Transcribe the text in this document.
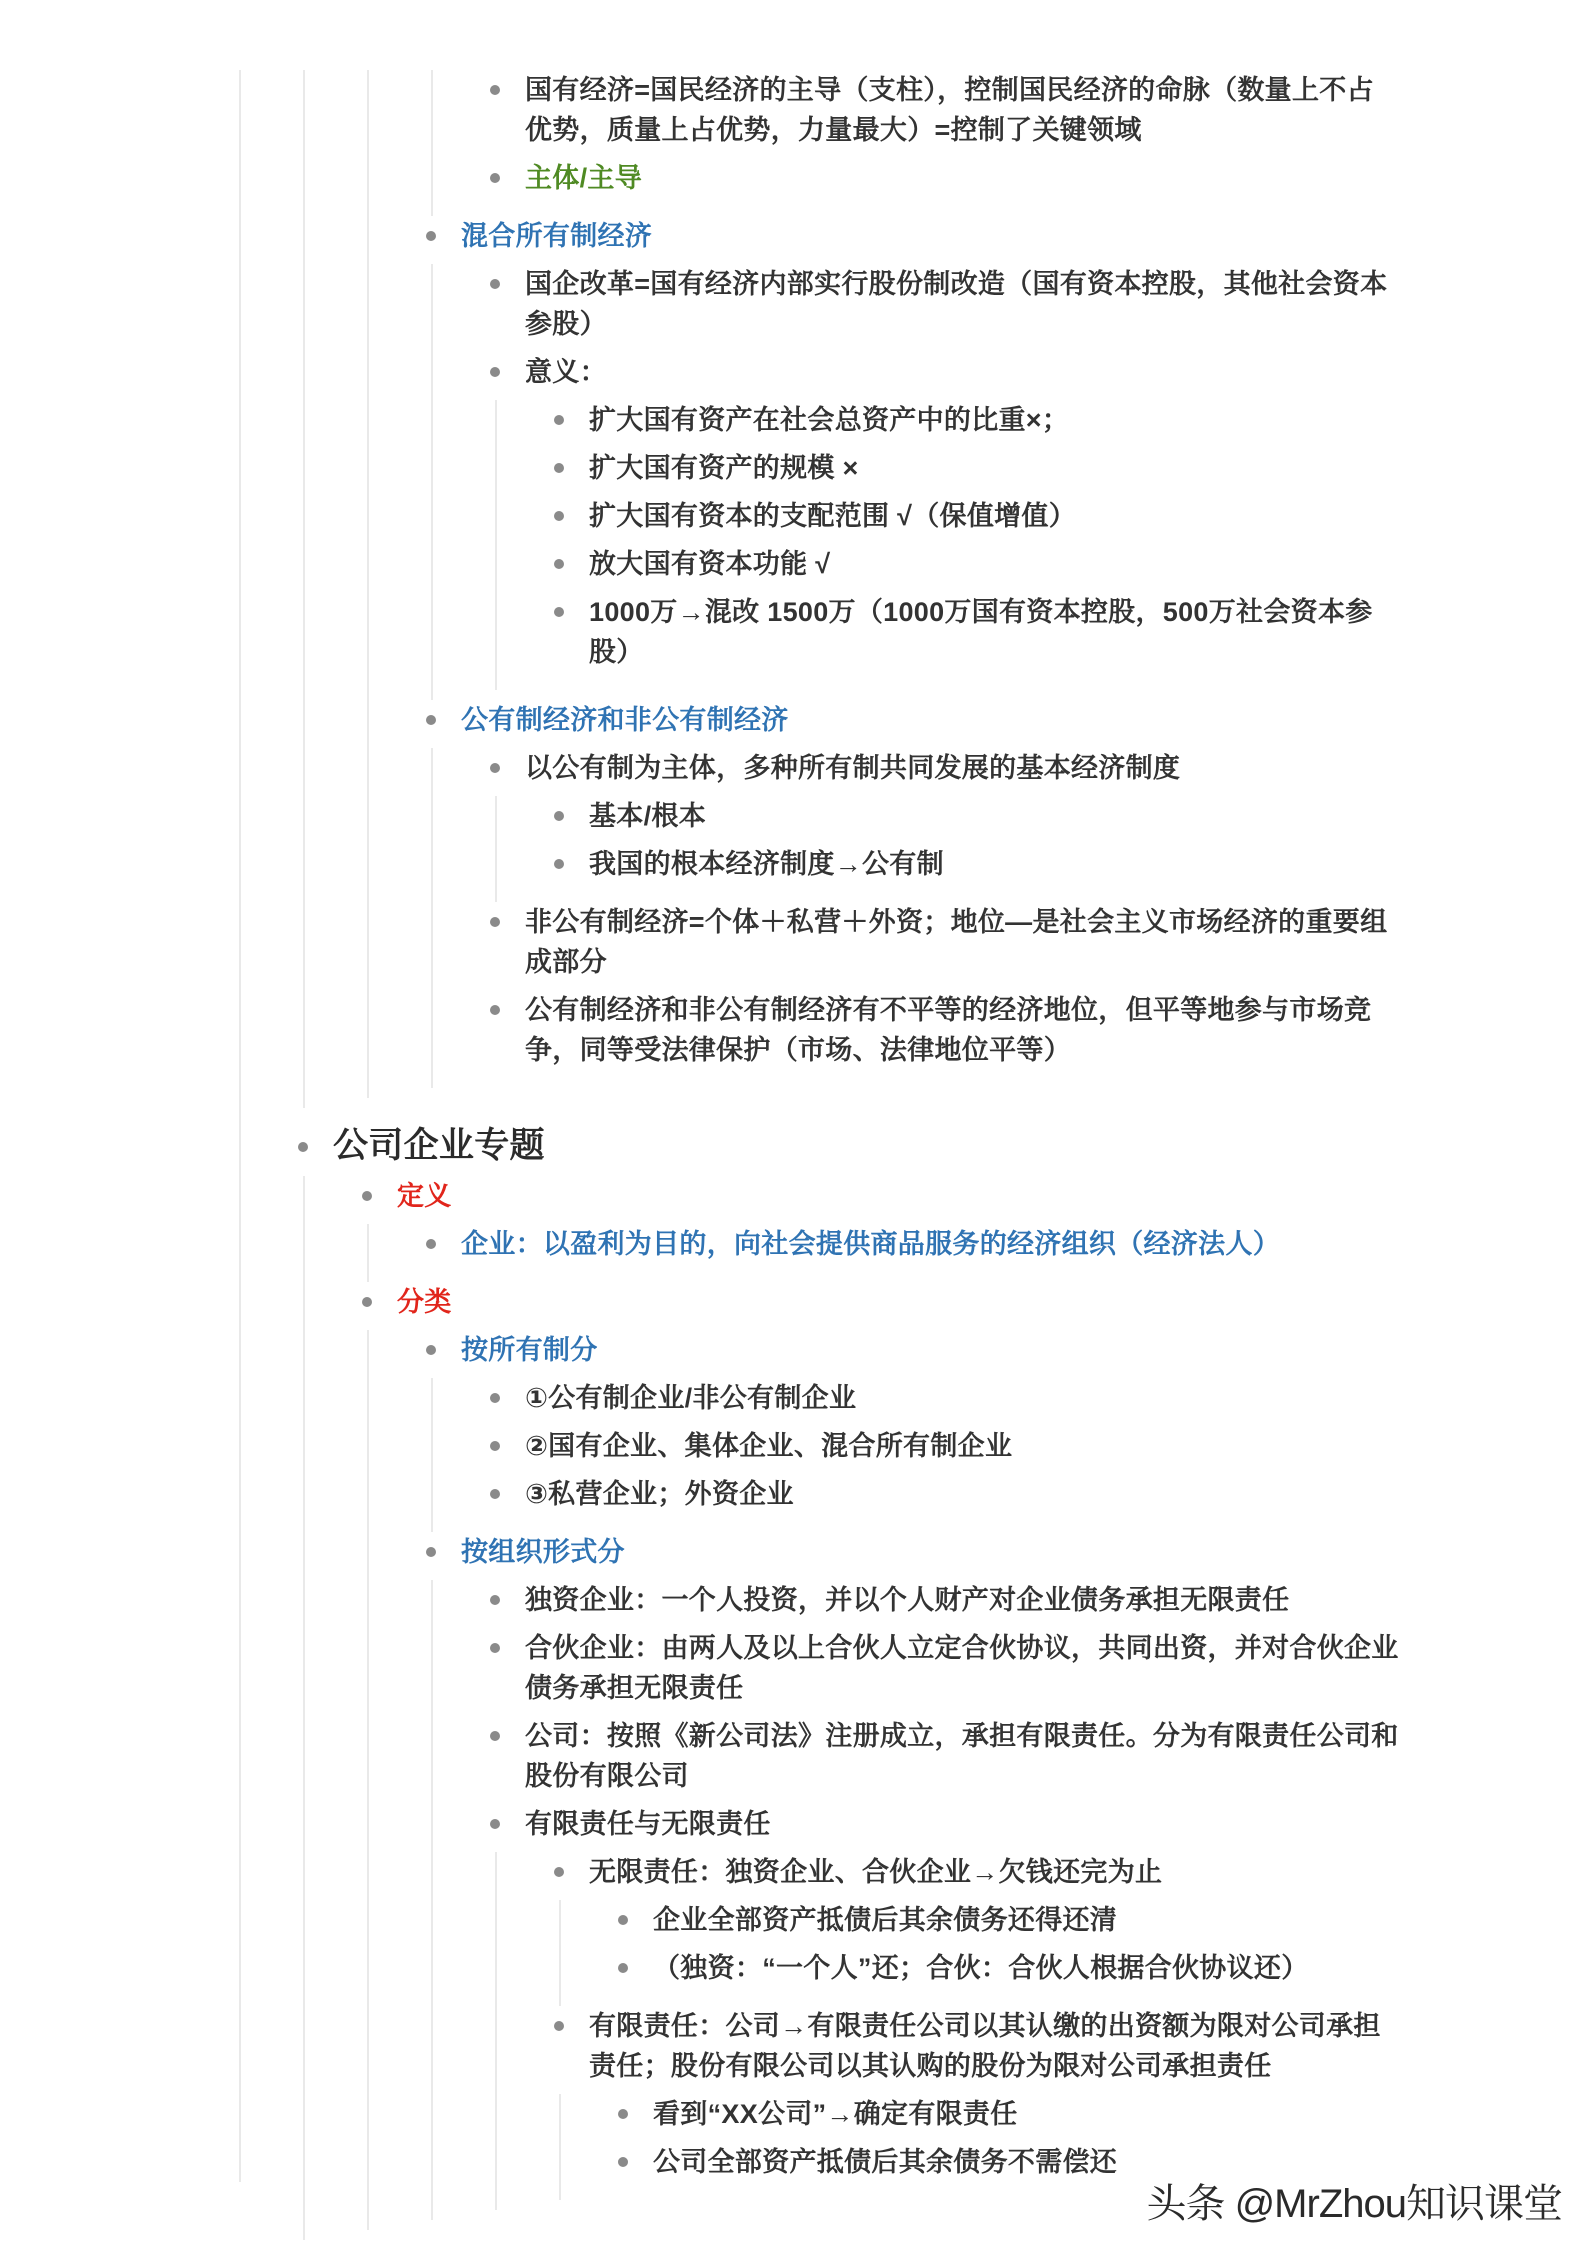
国有经济=国民经济的主导（支柱），控制国民经济的命脉（数量上不占优势，质量上占优势，力量最大）=控制了关键领域
主体/主导
混合所有制经济
国企改革=国有经济内部实行股份制改造（国有资本控股，其他社会资本参股）
意义：
扩大国有资产在社会总资产中的比重×；
扩大国有资产的规模 ×
扩大国有资本的支配范围 √（保值增值）
放大国有资本功能 √
1000万→混改 1500万（1000万国有资本控股，500万社会资本参股）
公有制经济和非公有制经济
以公有制为主体，多种所有制共同发展的基本经济制度
基本/根本
我国的根本经济制度→公有制
非公有制经济=个体＋私营＋外资；地位—是社会主义市场经济的重要组成部分
公有制经济和非公有制经济有不平等的经济地位，但平等地参与市场竞争，同等受法律保护（市场、法律地位平等）
公司企业专题
定义
企业：以盈利为目的，向社会提供商品服务的经济组织（经济法人）
分类
按所有制分
①公有制企业/非公有制企业
②国有企业、集体企业、混合所有制企业
③私营企业；外资企业
按组织形式分
独资企业：一个人投资，并以个人财产对企业债务承担无限责任
合伙企业：由两人及以上合伙人立定合伙协议，共同出资，并对合伙企业债务承担无限责任
公司：按照《新公司法》注册成立，承担有限责任。分为有限责任公司和股份有限公司
有限责任与无限责任
无限责任：独资企业、合伙企业→欠钱还完为止
企业全部资产抵债后其余债务还得还清
（独资：“一个人”还；合伙：合伙人根据合伙协议还）
有限责任：公司→有限责任公司以其认缴的出资额为限对公司承担责任；股份有限公司以其认购的股份为限对公司承担责任
看到“XX公司”→确定有限责任
公司全部资产抵债后其余债务不需偿还
头条 @MrZhou知识课堂
